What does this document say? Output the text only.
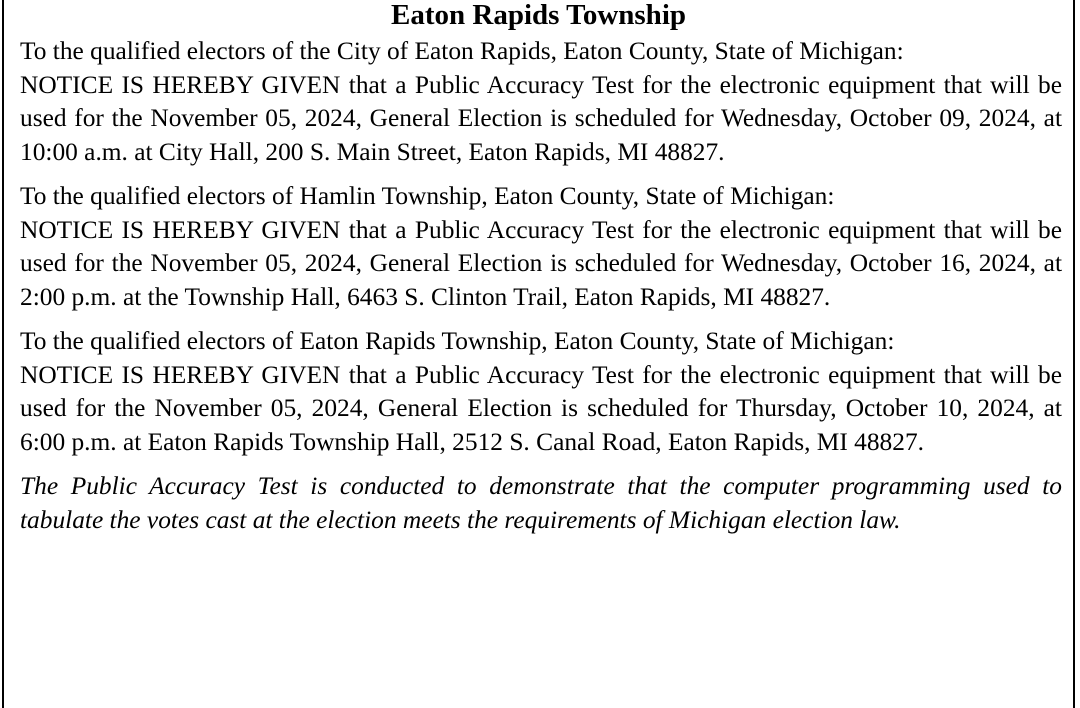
Eaton Rapids Township

To the qualified electors of the City of Eaton Rapids, Eaton County, State of Michigan:

NOTICE IS HEREBY GIVEN that a Public Accuracy Test for the electronic equipment that will be used for the November 05, 2024, General Election is scheduled for Wednesday, October 09, 2024, at 10:00 a.m. at City Hall, 200 S. Main Street, Eaton Rapids, MI 48827.

To the qualified electors of Hamlin Township, Eaton County, State of Michigan:

NOTICE IS HEREBY GIVEN that a Public Accuracy Test for the electronic equipment that will be used for the November 05, 2024, General Election is scheduled for Wednesday, October 16, 2024, at 2:00 p.m. at the Township Hall, 6463 S. Clinton Trail, Eaton Rapids, MI 48827.

To the qualified electors of Eaton Rapids Township, Eaton County, State of Michigan:

NOTICE IS HEREBY GIVEN that a Public Accuracy Test for the electronic equipment that will be used for the November 05, 2024, General Election is scheduled for Thursday, October 10, 2024, at 6:00 p.m. at Eaton Rapids Township Hall, 2512 S. Canal Road, Eaton Rapids, MI 48827.

The Public Accuracy Test is conducted to demonstrate that the computer programming used to tabulate the votes cast at the election meets the requirements of Michigan election law.
